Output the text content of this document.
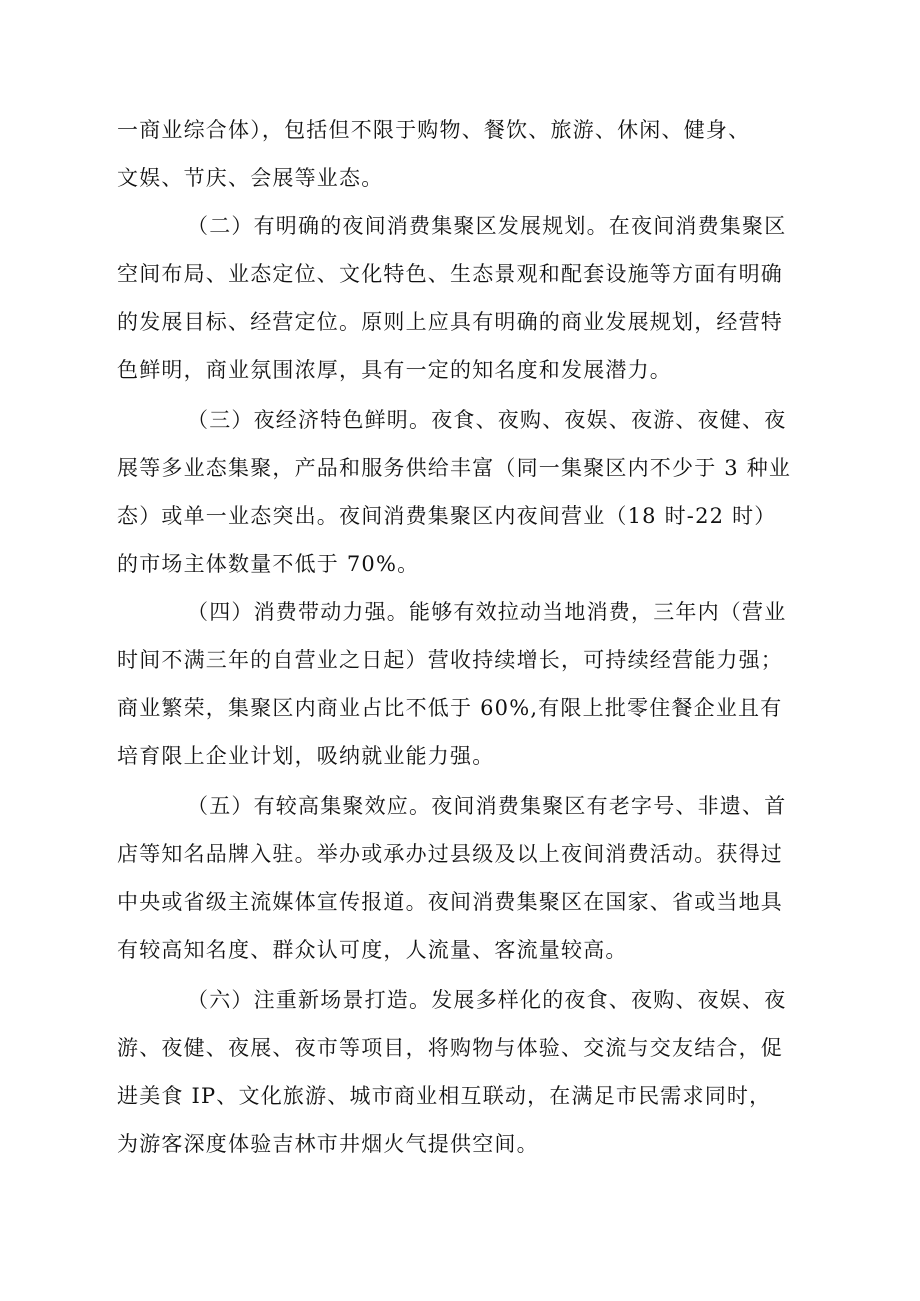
一商业综合体），包括但不限于购物、餐饮、旅游、休闲、健身、
文娱、节庆、会展等业态。
（二）有明确的夜间消费集聚区发展规划。在夜间消费集聚区
空间布局、业态定位、文化特色、生态景观和配套设施等方面有明确
的发展目标、经营定位。原则上应具有明确的商业发展规划，经营特
色鲜明，商业氛围浓厚，具有一定的知名度和发展潜力。
（三）夜经济特色鲜明。夜食、夜购、夜娱、夜游、夜健、夜
展等多业态集聚，产品和服务供给丰富（同一集聚区内不少于 3 种业
态）或单一业态突出。夜间消费集聚区内夜间营业（18 时-22 时）
的市场主体数量不低于 70%。
（四）消费带动力强。能够有效拉动当地消费，三年内（营业
时间不满三年的自营业之日起）营收持续增长，可持续经营能力强；
商业繁荣，集聚区内商业占比不低于 60%,有限上批零住餐企业且有
培育限上企业计划，吸纳就业能力强。
（五）有较高集聚效应。夜间消费集聚区有老字号、非遗、首
店等知名品牌入驻。举办或承办过县级及以上夜间消费活动。获得过
中央或省级主流媒体宣传报道。夜间消费集聚区在国家、省或当地具
有较高知名度、群众认可度，人流量、客流量较高。
（六）注重新场景打造。发展多样化的夜食、夜购、夜娱、夜
游、夜健、夜展、夜市等项目，将购物与体验、交流与交友结合，促
进美食 IP、文化旅游、城市商业相互联动，在满足市民需求同时，
为游客深度体验吉林市井烟火气提供空间。
